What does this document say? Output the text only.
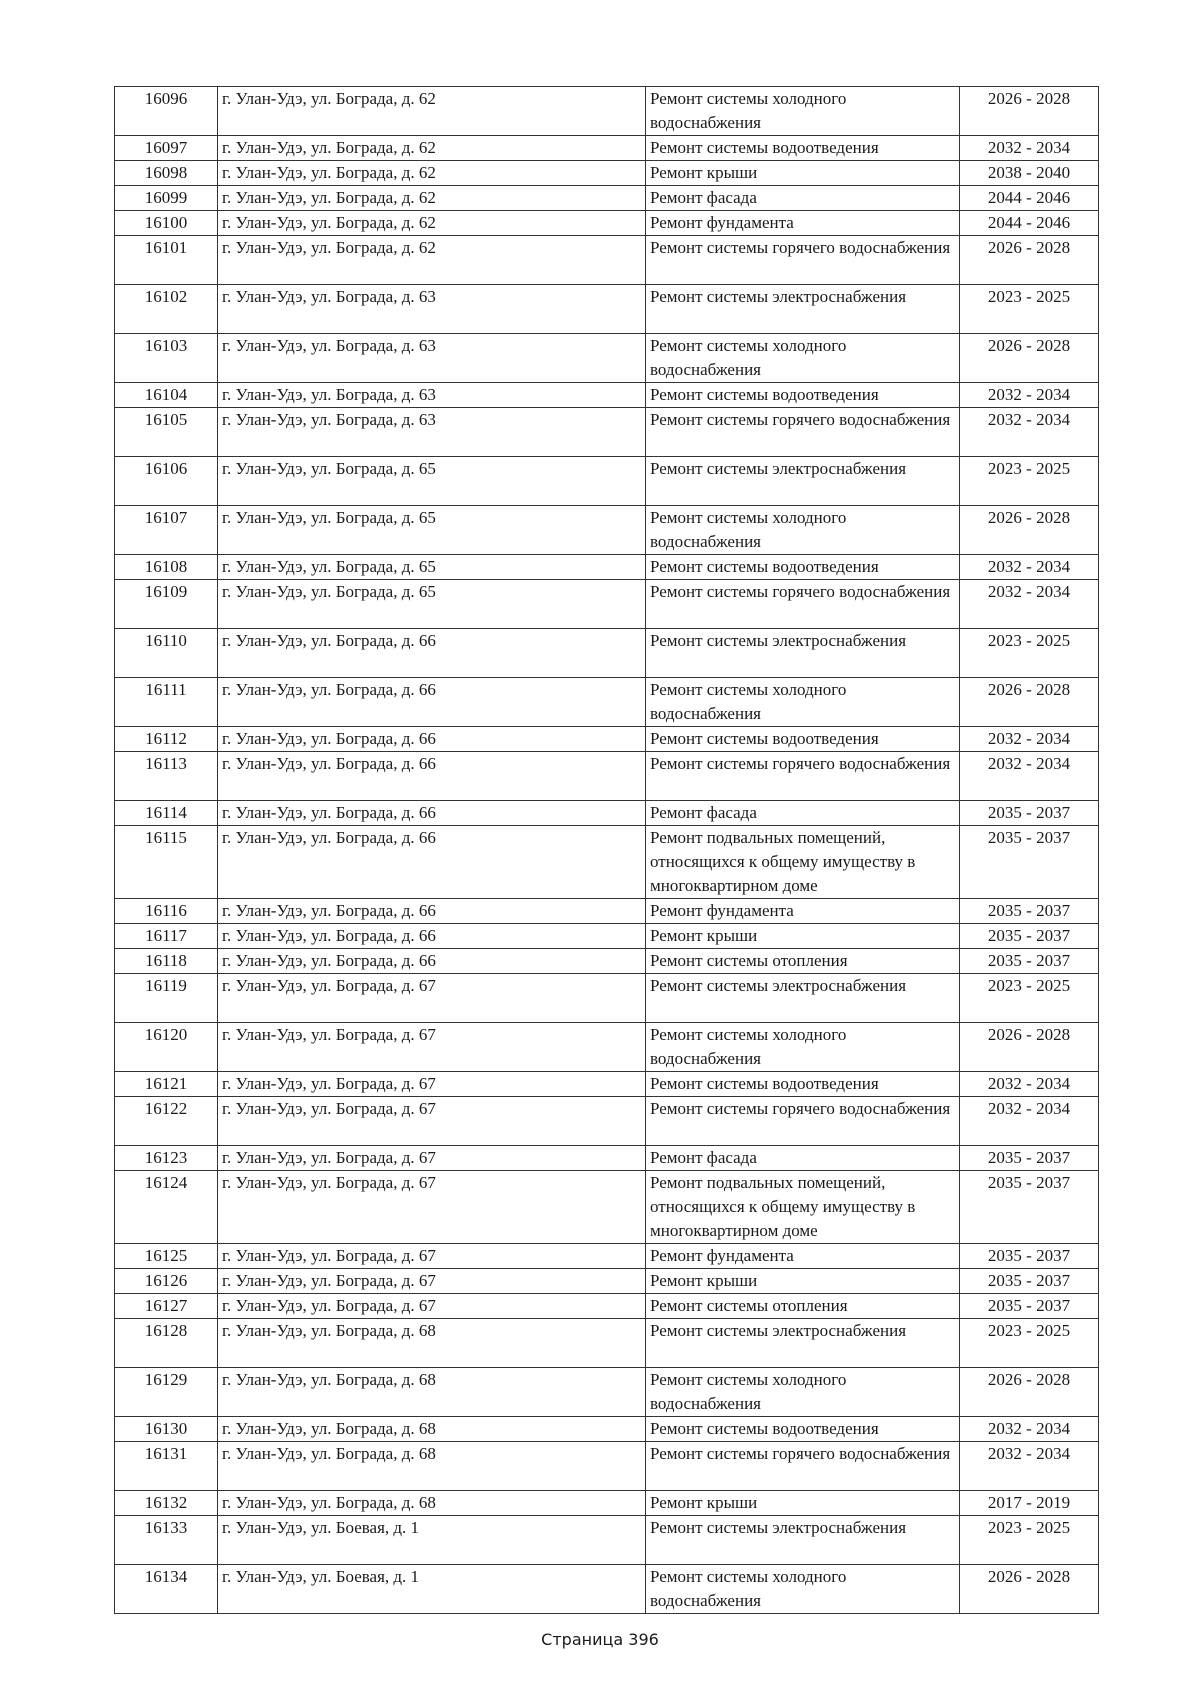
16096	г. Улан-Удэ, ул. Бограда, д. 62	Ремонт системы холодного водоснабжения	2026 - 2028
16097	г. Улан-Удэ, ул. Бограда, д. 62	Ремонт системы водоотведения	2032 - 2034
16098	г. Улан-Удэ, ул. Бограда, д. 62	Ремонт крыши	2038 - 2040
16099	г. Улан-Удэ, ул. Бограда, д. 62	Ремонт фасада	2044 - 2046
16100	г. Улан-Удэ, ул. Бограда, д. 62	Ремонт фундамента	2044 - 2046
16101	г. Улан-Удэ, ул. Бограда, д. 62	Ремонт системы горячего водоснабжения	2026 - 2028
16102	г. Улан-Удэ, ул. Бограда, д. 63	Ремонт системы электроснабжения	2023 - 2025
16103	г. Улан-Удэ, ул. Бограда, д. 63	Ремонт системы холодного водоснабжения	2026 - 2028
16104	г. Улан-Удэ, ул. Бограда, д. 63	Ремонт системы водоотведения	2032 - 2034
16105	г. Улан-Удэ, ул. Бограда, д. 63	Ремонт системы горячего водоснабжения	2032 - 2034
16106	г. Улан-Удэ, ул. Бограда, д. 65	Ремонт системы электроснабжения	2023 - 2025
16107	г. Улан-Удэ, ул. Бограда, д. 65	Ремонт системы холодного водоснабжения	2026 - 2028
16108	г. Улан-Удэ, ул. Бограда, д. 65	Ремонт системы водоотведения	2032 - 2034
16109	г. Улан-Удэ, ул. Бограда, д. 65	Ремонт системы горячего водоснабжения	2032 - 2034
16110	г. Улан-Удэ, ул. Бограда, д. 66	Ремонт системы электроснабжения	2023 - 2025
16111	г. Улан-Удэ, ул. Бограда, д. 66	Ремонт системы холодного водоснабжения	2026 - 2028
16112	г. Улан-Удэ, ул. Бограда, д. 66	Ремонт системы водоотведения	2032 - 2034
16113	г. Улан-Удэ, ул. Бограда, д. 66	Ремонт системы горячего водоснабжения	2032 - 2034
16114	г. Улан-Удэ, ул. Бограда, д. 66	Ремонт фасада	2035 - 2037
16115	г. Улан-Удэ, ул. Бограда, д. 66	Ремонт подвальных помещений, относящихся к общему имуществу в многоквартирном доме	2035 - 2037
16116	г. Улан-Удэ, ул. Бограда, д. 66	Ремонт фундамента	2035 - 2037
16117	г. Улан-Удэ, ул. Бограда, д. 66	Ремонт крыши	2035 - 2037
16118	г. Улан-Удэ, ул. Бограда, д. 66	Ремонт системы отопления	2035 - 2037
16119	г. Улан-Удэ, ул. Бограда, д. 67	Ремонт системы электроснабжения	2023 - 2025
16120	г. Улан-Удэ, ул. Бограда, д. 67	Ремонт системы холодного водоснабжения	2026 - 2028
16121	г. Улан-Удэ, ул. Бограда, д. 67	Ремонт системы водоотведения	2032 - 2034
16122	г. Улан-Удэ, ул. Бограда, д. 67	Ремонт системы горячего водоснабжения	2032 - 2034
16123	г. Улан-Удэ, ул. Бограда, д. 67	Ремонт фасада	2035 - 2037
16124	г. Улан-Удэ, ул. Бограда, д. 67	Ремонт подвальных помещений, относящихся к общему имуществу в многоквартирном доме	2035 - 2037
16125	г. Улан-Удэ, ул. Бограда, д. 67	Ремонт фундамента	2035 - 2037
16126	г. Улан-Удэ, ул. Бограда, д. 67	Ремонт крыши	2035 - 2037
16127	г. Улан-Удэ, ул. Бограда, д. 67	Ремонт системы отопления	2035 - 2037
16128	г. Улан-Удэ, ул. Бограда, д. 68	Ремонт системы электроснабжения	2023 - 2025
16129	г. Улан-Удэ, ул. Бограда, д. 68	Ремонт системы холодного водоснабжения	2026 - 2028
16130	г. Улан-Удэ, ул. Бограда, д. 68	Ремонт системы водоотведения	2032 - 2034
16131	г. Улан-Удэ, ул. Бограда, д. 68	Ремонт системы горячего водоснабжения	2032 - 2034
16132	г. Улан-Удэ, ул. Бограда, д. 68	Ремонт крыши	2017 - 2019
16133	г. Улан-Удэ, ул. Боевая, д. 1	Ремонт системы электроснабжения	2023 - 2025
16134	г. Улан-Удэ, ул. Боевая, д. 1	Ремонт системы холодного водоснабжения	2026 - 2028
Страница 396
